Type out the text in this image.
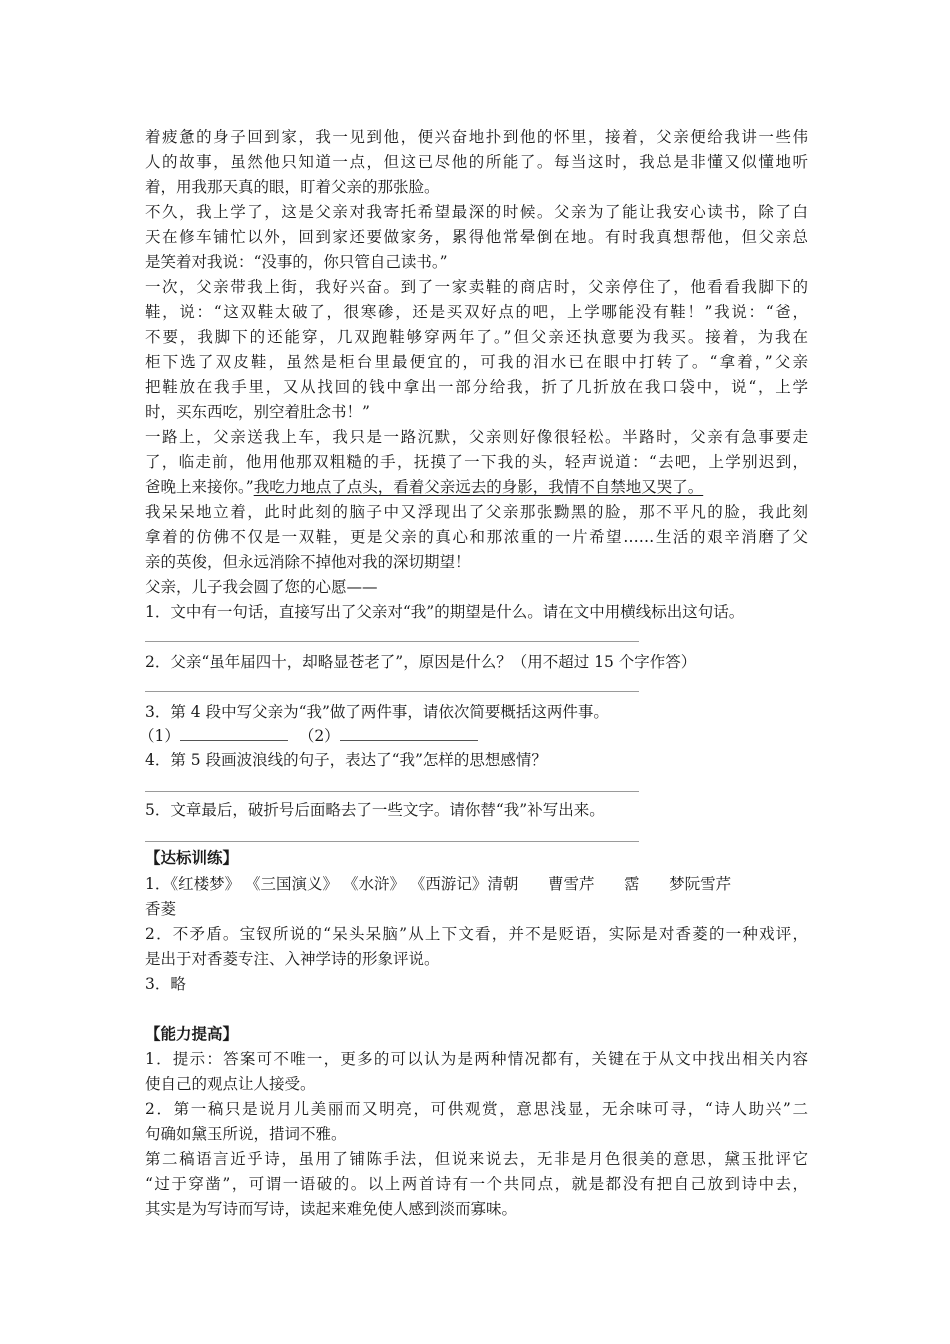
着疲惫的身子回到家，我一见到他，便兴奋地扑到他的怀里，接着，父亲便给我讲一些伟
人的故事，虽然他只知道一点，但这已尽他的所能了。每当这时，我总是非懂又似懂地听
着，用我那天真的眼，盯着父亲的那张脸。
不久，我上学了，这是父亲对我寄托希望最深的时候。父亲为了能让我安心读书，除了白
天在修车铺忙以外，回到家还要做家务，累得他常晕倒在地。有时我真想帮他，但父亲总
是笑着对我说：“没事的，你只管自己读书。”
一次，父亲带我上街，我好兴奋。到了一家卖鞋的商店时，父亲停住了，他看看我脚下的
鞋，说：“这双鞋太破了，很寒碜，还是买双好点的吧，上学哪能没有鞋！”我说：“爸，
不要，我脚下的还能穿，几双跑鞋够穿两年了。”但父亲还执意要为我买。接着，为我在
柜下选了双皮鞋，虽然是柜台里最便宜的，可我的泪水已在眼中打转了。“拿着，”父亲
把鞋放在我手里，又从找回的钱中拿出一部分给我，折了几折放在我口袋中，说“，上学
时，买东西吃，别空着肚念书！”
一路上，父亲送我上车，我只是一路沉默，父亲则好像很轻松。半路时，父亲有急事要走
了，临走前，他用他那双粗糙的手，抚摸了一下我的头，轻声说道：“去吧，上学别迟到，
爸晚上来接你。”我吃力地点了点头，看着父亲远去的身影，我情不自禁地又哭了。
我呆呆地立着，此时此刻的脑子中又浮现出了父亲那张黝黑的脸，那不平凡的脸，我此刻
拿着的仿佛不仅是一双鞋，更是父亲的真心和那浓重的一片希望……生活的艰辛消磨了父
亲的英俊，但永远消除不掉他对我的深切期望！
父亲，儿子我会圆了您的心愿——
1．文中有一句话，直接写出了父亲对“我”的期望是什么。请在文中用横线标出这句话。
2．父亲“虽年届四十，却略显苍老了”，原因是什么？（用不超过 15 个字作答）
3．第 4 段中写父亲为“我”做了两件事，请依次简要概括这两件事。
（1）	（2）
4．第 5 段画波浪线的句子，表达了“我”怎样的思想感情？
5．文章最后，破折号后面略去了一些文字。请你替“我”补写出来。
【达标训练】
1．《红楼梦》 《三国演义》 《水浒》 《西游记》清朝      曹雪芹      霑      梦阮雪芹
香菱
2．不矛盾。宝钗所说的“呆头呆脑”从上下文看，并不是贬语，实际是对香菱的一种戏评，
是出于对香菱专注、入神学诗的形象评说。
3．略
【能力提高】
1．提示：答案可不唯一，更多的可以认为是两种情况都有，关键在于从文中找出相关内容
使自己的观点让人接受。
2．第一稿只是说月儿美丽而又明亮，可供观赏，意思浅显，无余味可寻，“诗人助兴”二
句确如黛玉所说，措词不雅。
第二稿语言近乎诗，虽用了铺陈手法，但说来说去，无非是月色很美的意思，黛玉批评它
“过于穿凿”，可谓一语破的。以上两首诗有一个共同点，就是都没有把自己放到诗中去，
其实是为写诗而写诗，读起来难免使人感到淡而寡味。
